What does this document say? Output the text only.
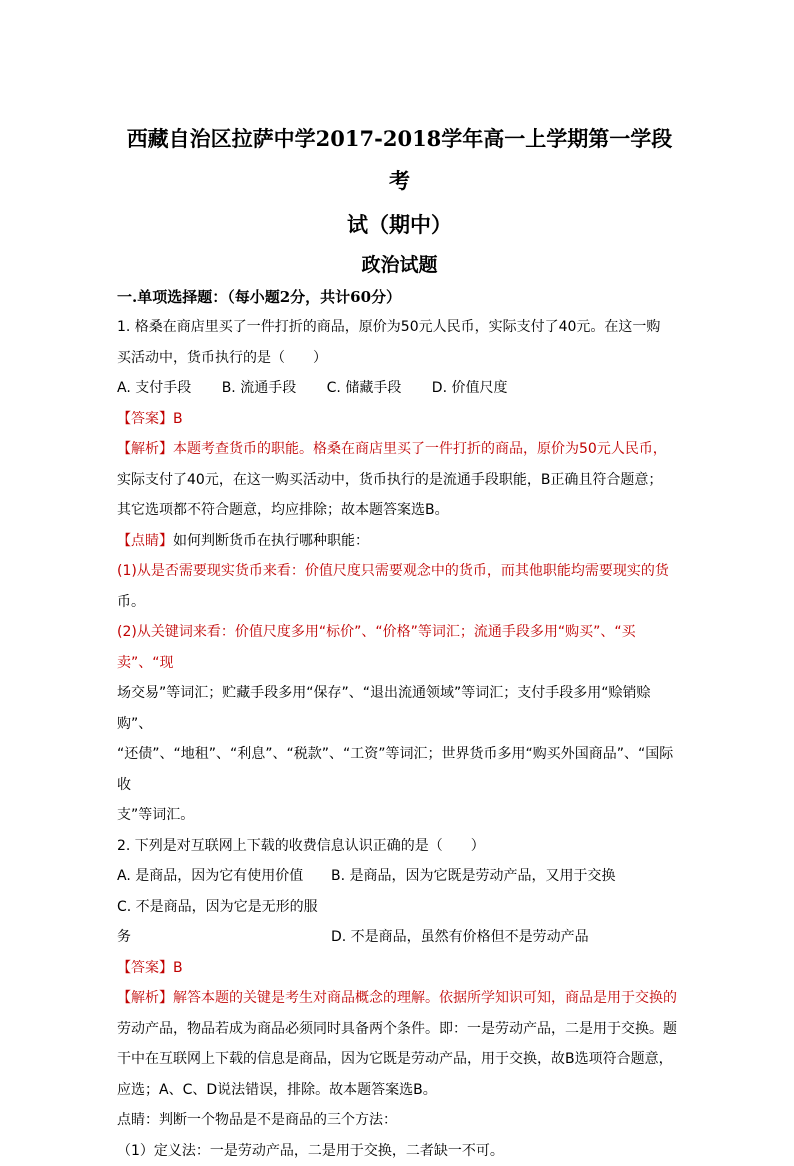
西藏自治区拉萨中学2017-2018学年高一上学期第一学段考
试（期中）
政治试题

一.单项选择题：（每小题2分，共计60分）

1. 格桑在商店里买了一件打折的商品，原价为50元人民币，实际支付了40元。在这一购

买活动中，货币执行的是（　　）

A. 支付手段 B. 流通手段 C. 储藏手段 D. 价值尺度

【答案】B

【解析】本题考查货币的职能。格桑在商店里买了一件打折的商品，原价为50元人民币，

实际支付了40元，在这一购买活动中，货币执行的是流通手段职能，B正确且符合题意；

其它选项都不符合题意，均应排除；故本题答案选B。

【点睛】如何判断货币在执行哪种职能：

(1)从是否需要现实货币来看：价值尺度只需要观念中的货币，而其他职能均需要现实的货

币。

(2)从关键词来看：价值尺度多用“标价”、“价格”等词汇；流通手段多用“购买”、“买卖”、“现

场交易”等词汇；贮藏手段多用“保存”、“退出流通领域”等词汇；支付手段多用“赊销赊购”、

“还债”、“地租”、“利息”、“税款”、“工资”等词汇；世界货币多用“购买外国商品”、“国际收

支”等词汇。

2. 下列是对互联网上下载的收费信息认识正确的是（　　）

A. 是商品，因为它有使用价值 B. 是商品，因为它既是劳动产品，又用于交换

C. 不是商品，因为它是无形的服务	D. 不是商品，虽然有价格但不是劳动产品

【答案】B

【解析】解答本题的关键是考生对商品概念的理解。依据所学知识可知，商品是用于交换的

劳动产品，物品若成为商品必须同时具备两个条件。即：一是劳动产品，二是用于交换。题

干中在互联网上下载的信息是商品，因为它既是劳动产品，用于交换，故B选项符合题意，

应选；A、C、D说法错误，排除。故本题答案选B。

点睛：判断一个物品是不是商品的三个方法：

（1）定义法：一是劳动产品，二是用于交换，二者缺一不可。
